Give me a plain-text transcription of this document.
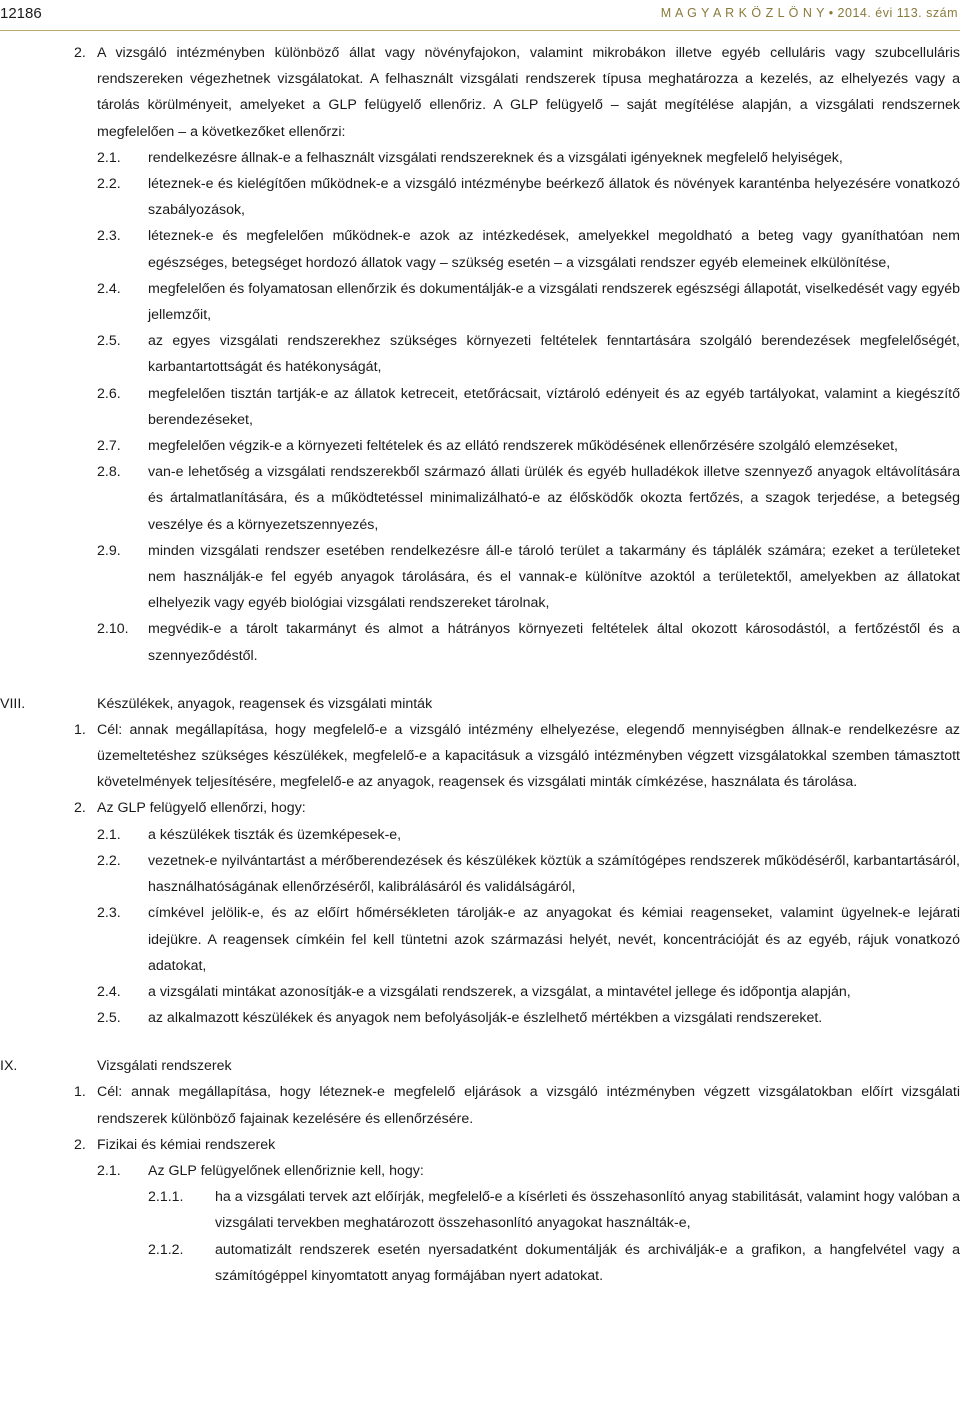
12186	M A G Y A R K Ö Z L Ö N Y • 2014. évi 113. szám
2. A vizsgáló intézményben különböző állat vagy növényfajokon, valamint mikrobákon illetve egyéb celluláris vagy szubcelluláris rendszereken végezhetnek vizsgálatokat. A felhasznált vizsgálati rendszerek típusa meghatározza a kezelés, az elhelyezés vagy a tárolás körülményeit, amelyeket a GLP felügyelő ellenőriz. A GLP felügyelő – saját megítélése alapján, a vizsgálati rendszernek megfelelően – a következőket ellenőrzi:
2.1. rendelkezésre állnak-e a felhasznált vizsgálati rendszereknek és a vizsgálati igényeknek megfelelő helyiségek,
2.2. léteznek-e és kielégítően működnek-e a vizsgáló intézménybe beérkező állatok és növények karanténba helyezésére vonatkozó szabályozások,
2.3. léteznek-e és megfelelően működnek-e azok az intézkedések, amelyekkel megoldható a beteg vagy gyaníthatóan nem egészséges, betegséget hordozó állatok vagy – szükség esetén – a vizsgálati rendszer egyéb elemeinek elkülönítése,
2.4. megfelelően és folyamatosan ellenőrzik és dokumentálják-e a vizsgálati rendszerek egészségi állapotát, viselkedését vagy egyéb jellemzőit,
2.5. az egyes vizsgálati rendszerekhez szükséges környezeti feltételek fenntartására szolgáló berendezések megfelelőségét, karbantartottságát és hatékonyságát,
2.6. megfelelően tisztán tartják-e az állatok ketreceit, etetőrácsait, víztároló edényeit és az egyéb tartályokat, valamint a kiegészítő berendezéseket,
2.7. megfelelően végzik-e a környezeti feltételek és az ellátó rendszerek működésének ellenőrzésére szolgáló elemzéseket,
2.8. van-e lehetőség a vizsgálati rendszerekből származó állati ürülék és egyéb hulladékok illetve szennyező anyagok eltávolítására és ártalmatlanítására, és a működtetéssel minimalizálható-e az élősködők okozta fertőzés, a szagok terjedése, a betegség veszélye és a környezetszennyezés,
2.9. minden vizsgálati rendszer esetében rendelkezésre áll-e tároló terület a takarmány és táplálék számára; ezeket a területeket nem használják-e fel egyéb anyagok tárolására, és el vannak-e különítve azoktól a területektől, amelyekben az állatokat elhelyezik vagy egyéb biológiai vizsgálati rendszereket tárolnak,
2.10. megvédik-e a tárolt takarmányt és almot a hátrányos környezeti feltételek által okozott károsodástól, a fertőzéstől és a szennyeződéstől.
VIII.	Készülékek, anyagok, reagensek és vizsgálati minták
1. Cél: annak megállapítása, hogy megfelelő-e a vizsgáló intézmény elhelyezése, elegendő mennyiségben állnak-e rendelkezésre az üzemeltetéshez szükséges készülékek, megfelelő-e a kapacitásuk a vizsgáló intézményben végzett vizsgálatokkal szemben támasztott követelmények teljesítésére, megfelelő-e az anyagok, reagensek és vizsgálati minták címkézése, használata és tárolása.
2. Az GLP felügyelő ellenőrzi, hogy:
2.1. a készülékek tiszták és üzemképesek-e,
2.2. vezetnek-e nyilvántartást a mérőberendezések és készülékek köztük a számítógépes rendszerek működéséről, karbantartásáról, használhatóságának ellenőrzéséről, kalibrálásáról és validálságáról,
2.3. címkével jelölik-e, és az előírt hőmérsékleten tárolják-e az anyagokat és kémiai reagenseket, valamint ügyelnek-e lejárati idejükre. A reagensek címkéin fel kell tüntetni azok származási helyét, nevét, koncentrációját és az egyéb, rájuk vonatkozó adatokat,
2.4. a vizsgálati mintákat azonosítják-e a vizsgálati rendszerek, a vizsgálat, a mintavétel jellege és időpontja alapján,
2.5. az alkalmazott készülékek és anyagok nem befolyásolják-e észlelhető mértékben a vizsgálati rendszereket.
IX.	Vizsgálati rendszerek
1. Cél: annak megállapítása, hogy léteznek-e megfelelő eljárások a vizsgáló intézményben végzett vizsgálatokban előírt vizsgálati rendszerek különböző fajainak kezelésére és ellenőrzésére.
2. Fizikai és kémiai rendszerek
2.1. Az GLP felügyelőnek ellenőriznie kell, hogy:
2.1.1. ha a vizsgálati tervek azt előírják, megfelelő-e a kísérleti és összehasonlító anyag stabilitását, valamint hogy valóban a vizsgálati tervekben meghatározott összehasonlító anyagokat használták-e,
2.1.2. automatizált rendszerek esetén nyersadatként dokumentálják és archiválják-e a grafikon, a hangfelvétel vagy a számítógéppel kinyomtatott anyag formájában nyert adatokat.
